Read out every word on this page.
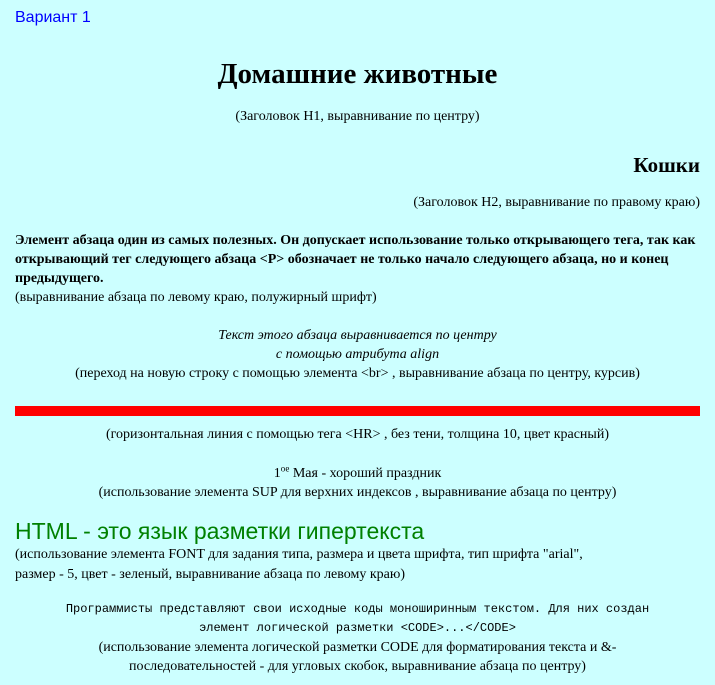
Вариант 1

Домашние животные

(Заголовок H1, выравнивание по центру)

Кошки

(Заголовок H2, выравнивание по правому краю)

Элемент абзаца один из самых полезных. Он допускает использование только открывающего тега, так как открывающий тег следующего абзаца <P> обозначает не только начало следующего абзаца, но и конец предыдущего.

(выравнивание абзаца по левому краю, полужирный шрифт)

Текст этого абзаца выравнивается по центру
с помощью атрибута align
(переход на новую строку с помощью элемента <br> , выравнивание абзаца по центру, курсив)

(горизонтальная линия с помощью тега <HR> , без тени, толщина 10, цвет красный)

$1^{ое}$ Мая - хороший праздник
(использование элемента SUP для верхних индексов , выравнивание абзаца по центру)

HTML - это язык разметки гипертекста

(использование элемента FONT для задания типа, размера и цвета шрифта, тип шрифта "arial",
размер - 5, цвет - зеленый, выравнивание абзаца по левому краю)

Программисты представляют свои исходные коды моноширинным текстом. Для них создан
элемент логической разметки <CODE>...</CODE>
(использование элемента логической разметки CODE для форматирования текста и &-
последовательностей - для угловых скобок, выравнивание абзаца по центру)
